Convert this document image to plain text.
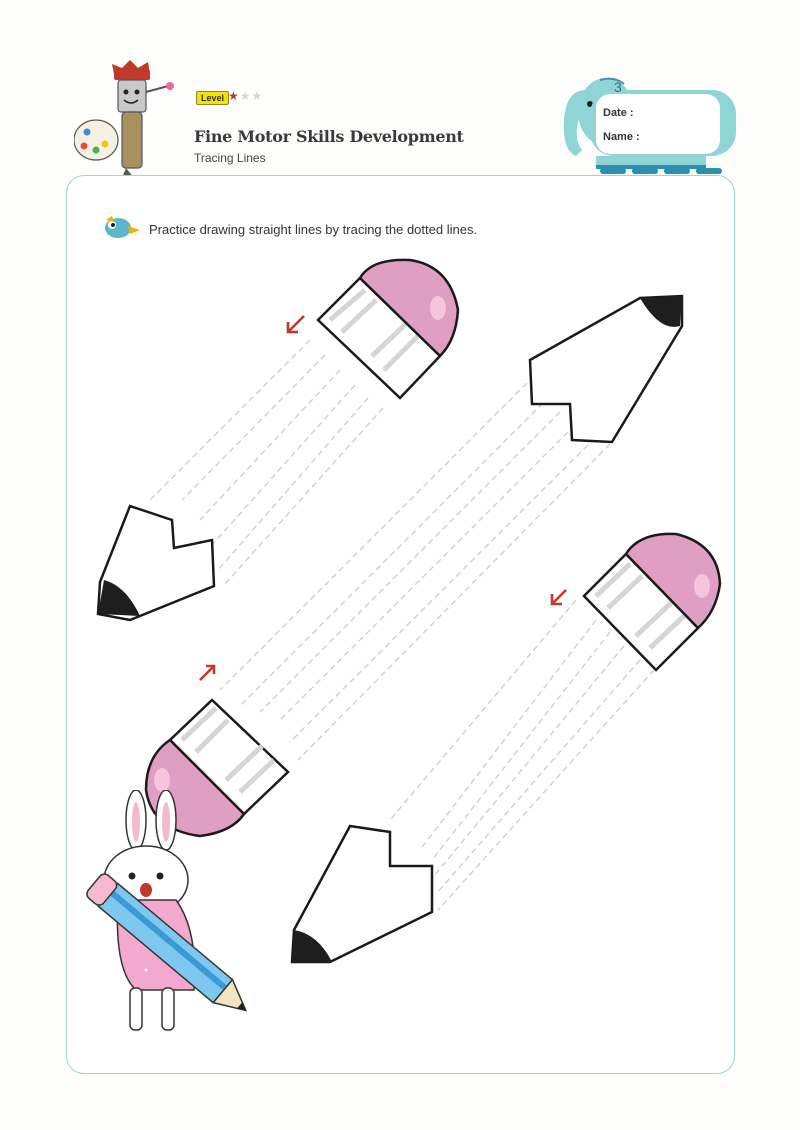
Level ★★★
Fine Motor Skills Development
Tracing Lines
3
Date :
Name :
Practice drawing straight lines by tracing the dotted lines.
